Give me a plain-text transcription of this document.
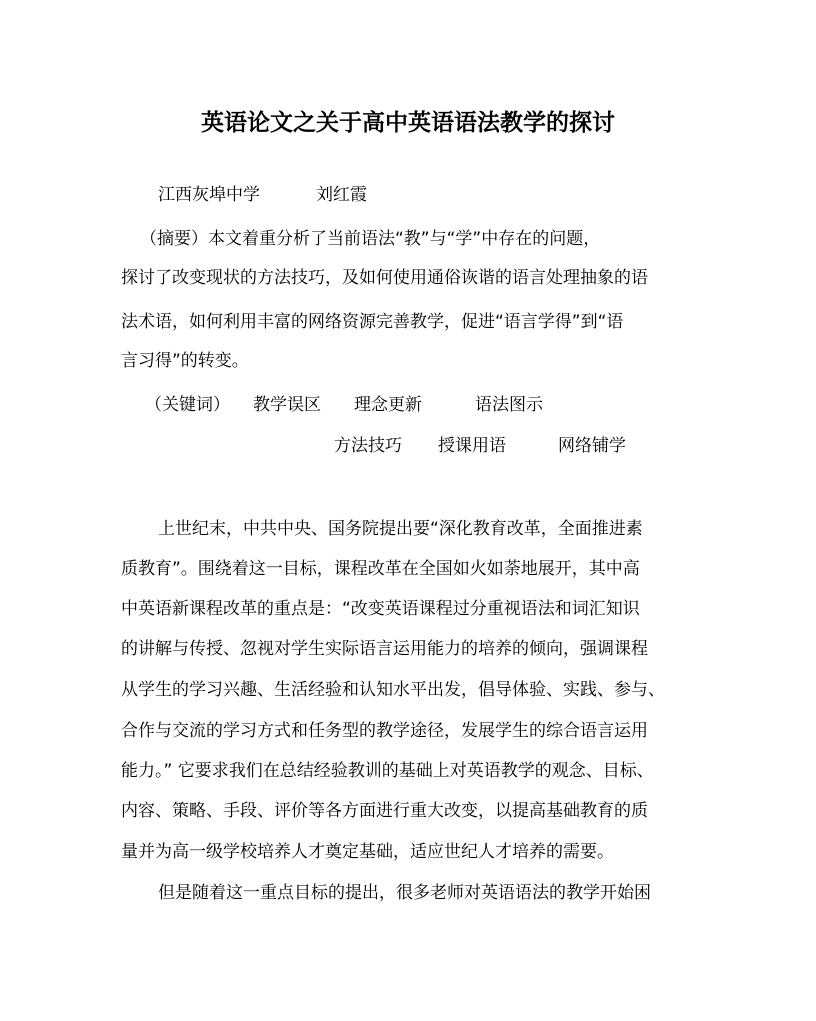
英语论文之关于高中英语语法教学的探讨
江西灰埠中学	刘红霞
（摘要）本文着重分析了当前语法“教”与“学”中存在的问题，
探讨了改变现状的方法技巧，及如何使用通俗诙谐的语言处理抽象的语
法术语，如何利用丰富的网络资源完善教学，促进“语言学得”到“语
言习得”的转变。
（关键词） 教学误区 理念更新	语法图示
方法技巧 授课用语	网络铺学
上世纪末，中共中央、国务院提出要“深化教育改革，全面推进素
质教育”。围绕着这一目标，课程改革在全国如火如荼地展开，其中高
中英语新课程改革的重点是：“改变英语课程过分重视语法和词汇知识
的讲解与传授、忽视对学生实际语言运用能力的培养的倾向，强调课程
从学生的学习兴趣、生活经验和认知水平出发，倡导体验、实践、参与、
合作与交流的学习方式和任务型的教学途径，发展学生的综合语言运用
能力。” 它要求我们在总结经验教训的基础上对英语教学的观念、目标、
内容、策略、手段、评价等各方面进行重大改变，以提高基础教育的质
量并为高一级学校培养人才奠定基础，适应世纪人才培养的需要。
但是随着这一重点目标的提出，很多老师对英语语法的教学开始困
